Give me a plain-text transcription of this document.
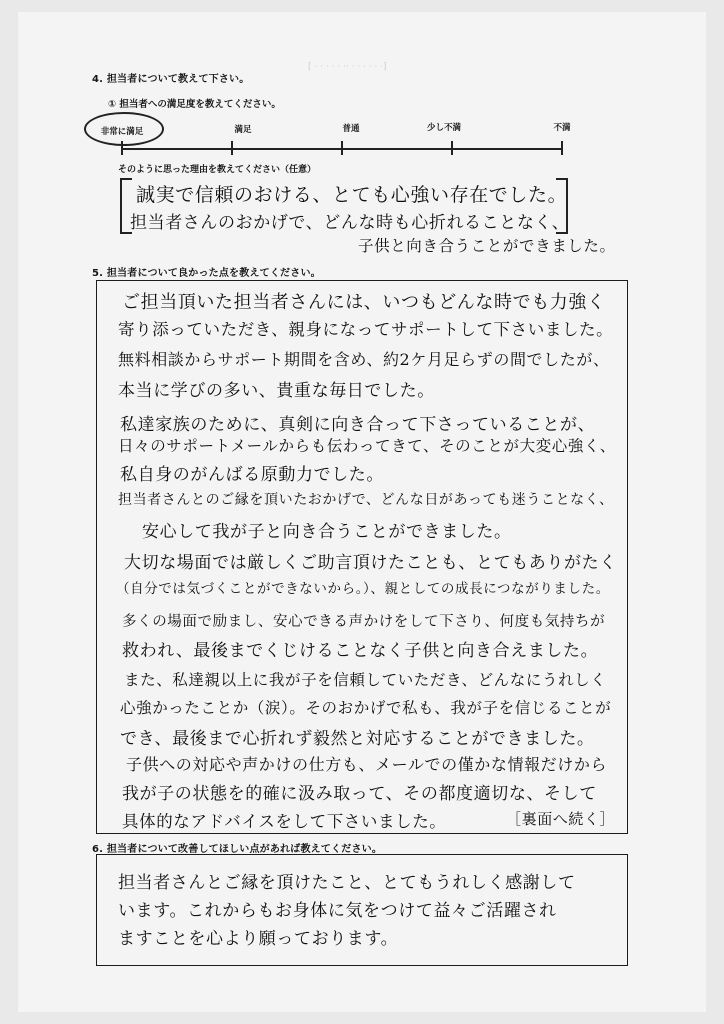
4. 担当者について教えて下さい。
[ · · · · · ·· · · · · · ·]
① 担当者への満足度を教えてください。
非常に満足	満足	普通	少し不満	不満
そのように思った理由を教えてください（任意）
誠実で信頼のおける、とても心強い存在でした。
担当者さんのおかげで、どんな時も心折れることなく、
子供と向き合うことができました。
5. 担当者について良かった点を教えてください。
ご担当頂いた担当者さんには、いつもどんな時でも力強く
寄り添っていただき、親身になってサポートして下さいました。
無料相談からサポート期間を含め、約2ケ月足らずの間でしたが、
本当に学びの多い、貴重な毎日でした。
私達家族のために、真剣に向き合って下さっていることが、
日々のサポートメールからも伝わってきて、そのことが大変心強く、
私自身のがんばる原動力でした。
担当者さんとのご縁を頂いたおかげで、どんな日があっても迷うことなく、
安心して我が子と向き合うことができました。
大切な場面では厳しくご助言頂けたことも、とてもありがたく
（自分では気づくことができないから。）、親としての成長につながりました。
多くの場面で励まし、安心できる声かけをして下さり、何度も気持ちが
救われ、最後までくじけることなく子供と向き合えました。
また、私達親以上に我が子を信頼していただき、どんなにうれしく
心強かったことか（涙）。そのおかげで私も、我が子を信じることが
でき、最後まで心折れず毅然と対応することができました。
子供への対応や声かけの仕方も、メールでの僅かな情報だけから
我が子の状態を的確に汲み取って、その都度適切な、そして
具体的なアドバイスをして下さいました。	［裏面へ続く］
6. 担当者について改善してほしい点があれば教えてください。
担当者さんとご縁を頂けたこと、とてもうれしく感謝して
います。これからもお身体に気をつけて益々ご活躍され
ますことを心より願っております。
